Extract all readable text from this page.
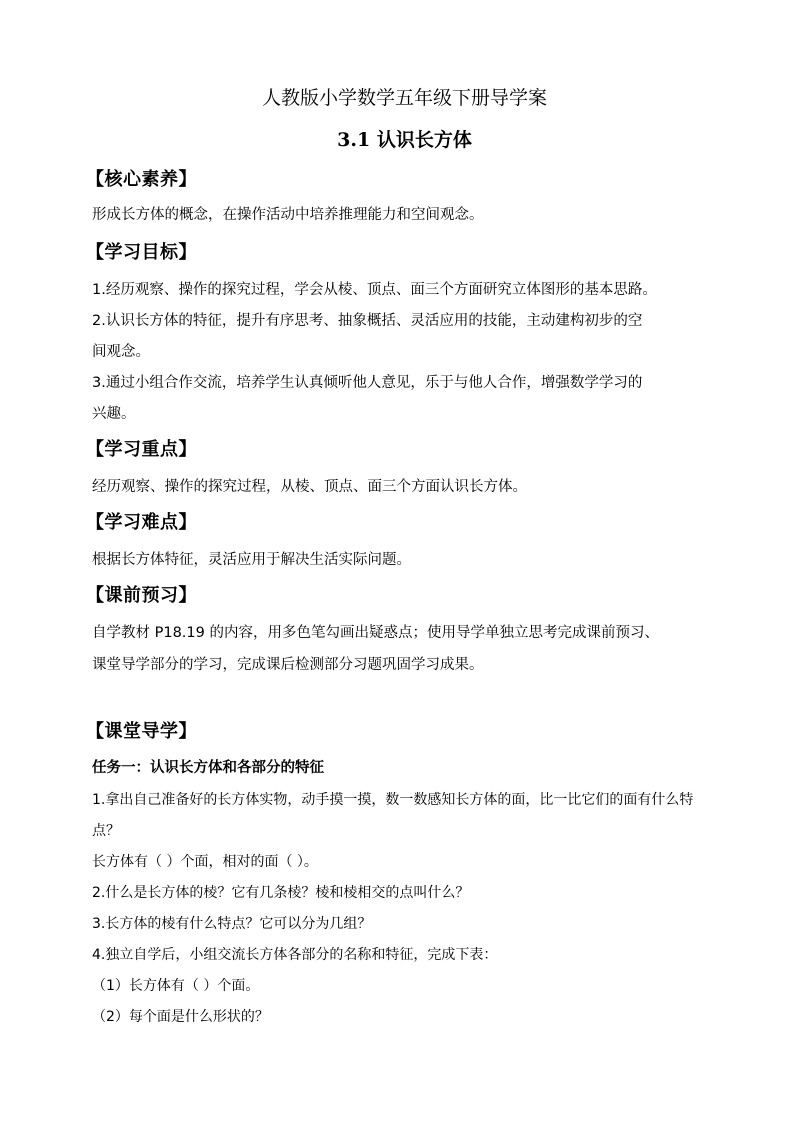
人教版小学数学五年级下册导学案
3.1 认识长方体
【核心素养】
形成长方体的概念，在操作活动中培养推理能力和空间观念。
【学习目标】
1.经历观察、操作的探究过程，学会从棱、顶点、面三个方面研究立体图形的基本思路。
2.认识长方体的特征，提升有序思考、抽象概括、灵活应用的技能，主动建构初步的空
间观念。
3.通过小组合作交流，培养学生认真倾听他人意见，乐于与他人合作，增强数学学习的
兴趣。
【学习重点】
经历观察、操作的探究过程，从棱、顶点、面三个方面认识长方体。
【学习难点】
根据长方体特征，灵活应用于解决生活实际问题。
【课前预习】
自学教材 P18.19 的内容，用多色笔勾画出疑惑点；使用导学单独立思考完成课前预习、
课堂导学部分的学习，完成课后检测部分习题巩固学习成果。
【课堂导学】
任务一：认识长方体和各部分的特征
1.拿出自己准备好的长方体实物，动手摸一摸，数一数感知长方体的面，比一比它们的面有什么特
点？
长方体有（ ）个面，相对的面（ ）。
2.什么是长方体的棱？它有几条棱？棱和棱相交的点叫什么？
3.长方体的棱有什么特点？它可以分为几组？
4.独立自学后，小组交流长方体各部分的名称和特征，完成下表：
（1）长方体有（ ）个面。
（2）每个面是什么形状的？
